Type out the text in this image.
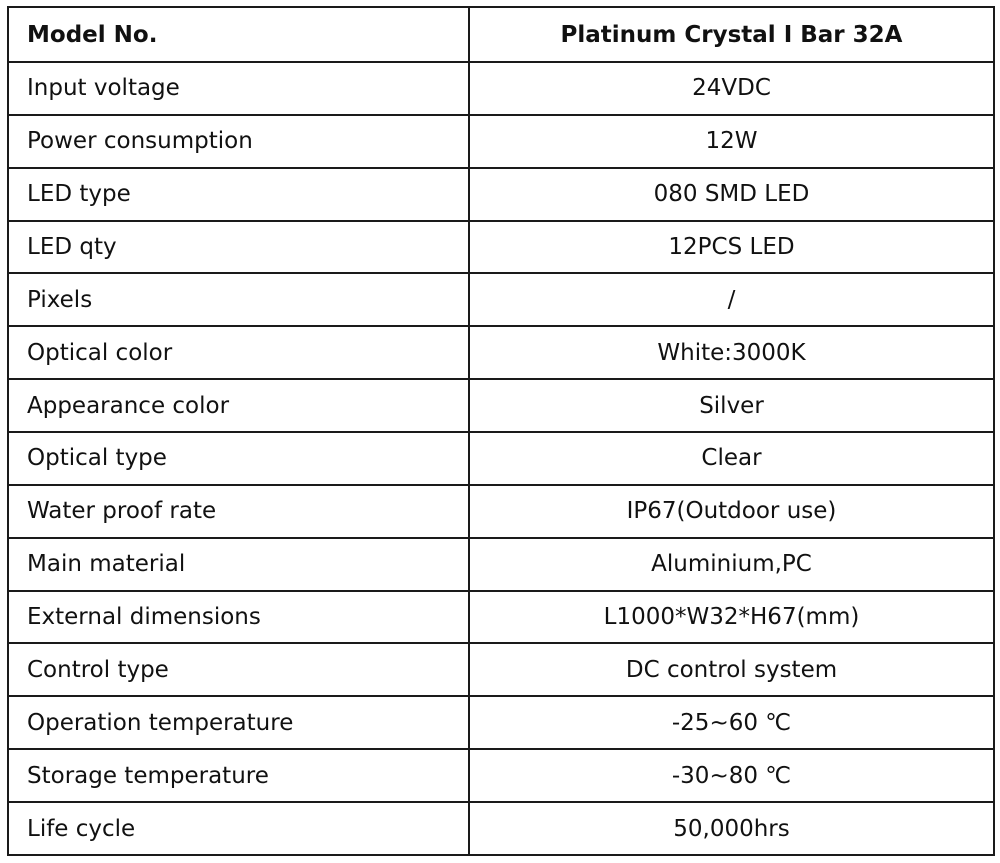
Model No.	Platinum Crystal I Bar 32A
Input voltage	24VDC
Power consumption	12W
LED type	080 SMD LED
LED qty	12PCS LED
Pixels	/
Optical color	White:3000K
Appearance color	Silver
Optical type	Clear
Water proof rate	IP67(Outdoor use)
Main material	Aluminium,PC
External dimensions	L1000*W32*H67(mm)
Control type	DC control system
Operation temperature	-25~60 ℃
Storage temperature	-30~80 ℃
Life cycle	50,000hrs
